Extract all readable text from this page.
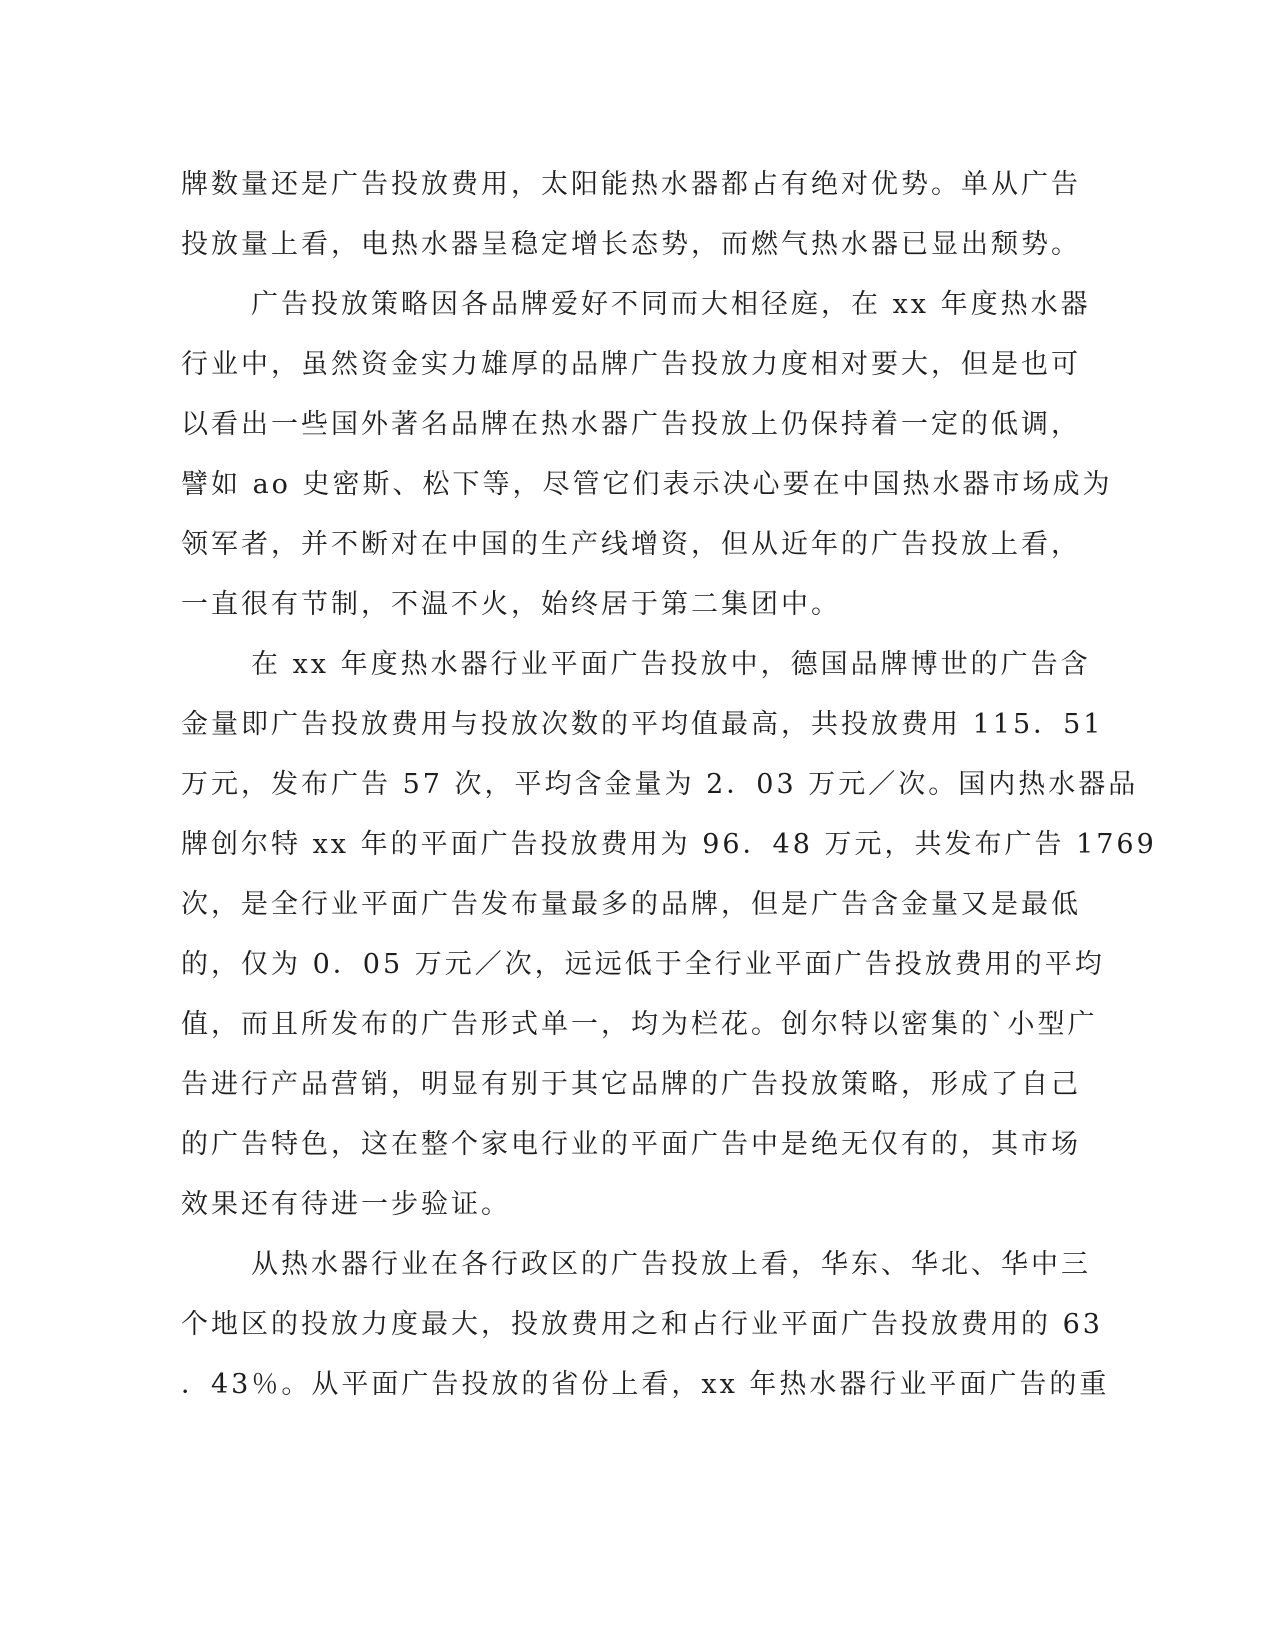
牌数量还是广告投放费用，太阳能热水器都占有绝对优势。单从广告
投放量上看，电热水器呈稳定增长态势，而燃气热水器已显出颓势。
广告投放策略因各品牌爱好不同而大相径庭，在 xx 年度热水器
行业中，虽然资金实力雄厚的品牌广告投放力度相对要大，但是也可
以看出一些国外著名品牌在热水器广告投放上仍保持着一定的低调，
譬如 ao 史密斯、松下等，尽管它们表示决心要在中国热水器市场成为
领军者，并不断对在中国的生产线增资，但从近年的广告投放上看，
一直很有节制，不温不火，始终居于第二集团中。
在 xx 年度热水器行业平面广告投放中，德国品牌博世的广告含
金量即广告投放费用与投放次数的平均值最高，共投放费用 115．51
万元，发布广告 57 次，平均含金量为 2．03 万元／次。国内热水器品
牌创尔特 xx 年的平面广告投放费用为 96．48 万元，共发布广告 1769
次，是全行业平面广告发布量最多的品牌，但是广告含金量又是最低
的，仅为 0．05 万元／次，远远低于全行业平面广告投放费用的平均
值，而且所发布的广告形式单一，均为栏花。创尔特以密集的`小型广
告进行产品营销，明显有别于其它品牌的广告投放策略，形成了自己
的广告特色，这在整个家电行业的平面广告中是绝无仅有的，其市场
效果还有待进一步验证。
从热水器行业在各行政区的广告投放上看，华东、华北、华中三
个地区的投放力度最大，投放费用之和占行业平面广告投放费用的 63
．43％。从平面广告投放的省份上看，xx 年热水器行业平面广告的重
